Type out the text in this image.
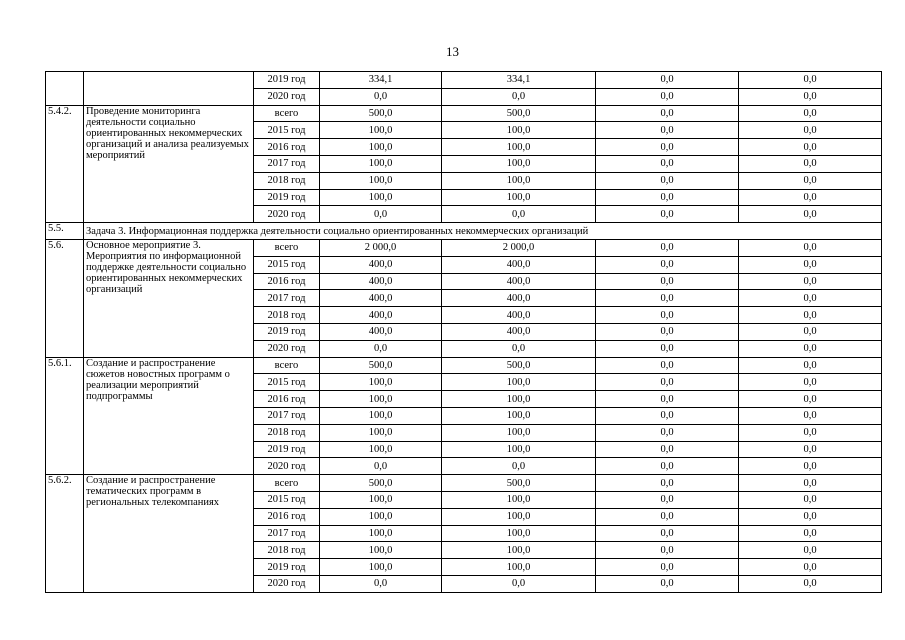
13
		2019 год	334,1	334,1	0,0	0,0
		2020 год	0,0	0,0	0,0	0,0
5.4.2.	Проведение мониторинга деятельности социально ориентированных некоммерческих организаций и анализа реализуемых мероприятий	всего	500,0	500,0	0,0	0,0
		2015 год	100,0	100,0	0,0	0,0
		2016 год	100,0	100,0	0,0	0,0
		2017 год	100,0	100,0	0,0	0,0
		2018 год	100,0	100,0	0,0	0,0
		2019 год	100,0	100,0	0,0	0,0
		2020 год	0,0	0,0	0,0	0,0
5.5.	Задача 3. Информационная поддержка деятельности социально ориентированных некоммерческих организаций					
5.6.	Основное мероприятие 3. Мероприятия по информационной поддержке деятельности социально ориентированных некоммерческих организаций	всего	2 000,0	2 000,0	0,0	0,0
		2015 год	400,0	400,0	0,0	0,0
		2016 год	400,0	400,0	0,0	0,0
		2017 год	400,0	400,0	0,0	0,0
		2018 год	400,0	400,0	0,0	0,0
		2019 год	400,0	400,0	0,0	0,0
		2020 год	0,0	0,0	0,0	0,0
5.6.1.	Создание и распространение сюжетов новостных программ о реализации мероприятий подпрограммы	всего	500,0	500,0	0,0	0,0
		2015 год	100,0	100,0	0,0	0,0
		2016 год	100,0	100,0	0,0	0,0
		2017 год	100,0	100,0	0,0	0,0
		2018 год	100,0	100,0	0,0	0,0
		2019 год	100,0	100,0	0,0	0,0
		2020 год	0,0	0,0	0,0	0,0
5.6.2.	Создание и распространение тематических программ в региональных телекомпаниях	всего	500,0	500,0	0,0	0,0
		2015 год	100,0	100,0	0,0	0,0
		2016 год	100,0	100,0	0,0	0,0
		2017 год	100,0	100,0	0,0	0,0
		2018 год	100,0	100,0	0,0	0,0
		2019 год	100,0	100,0	0,0	0,0
		2020 год	0,0	0,0	0,0	0,0
